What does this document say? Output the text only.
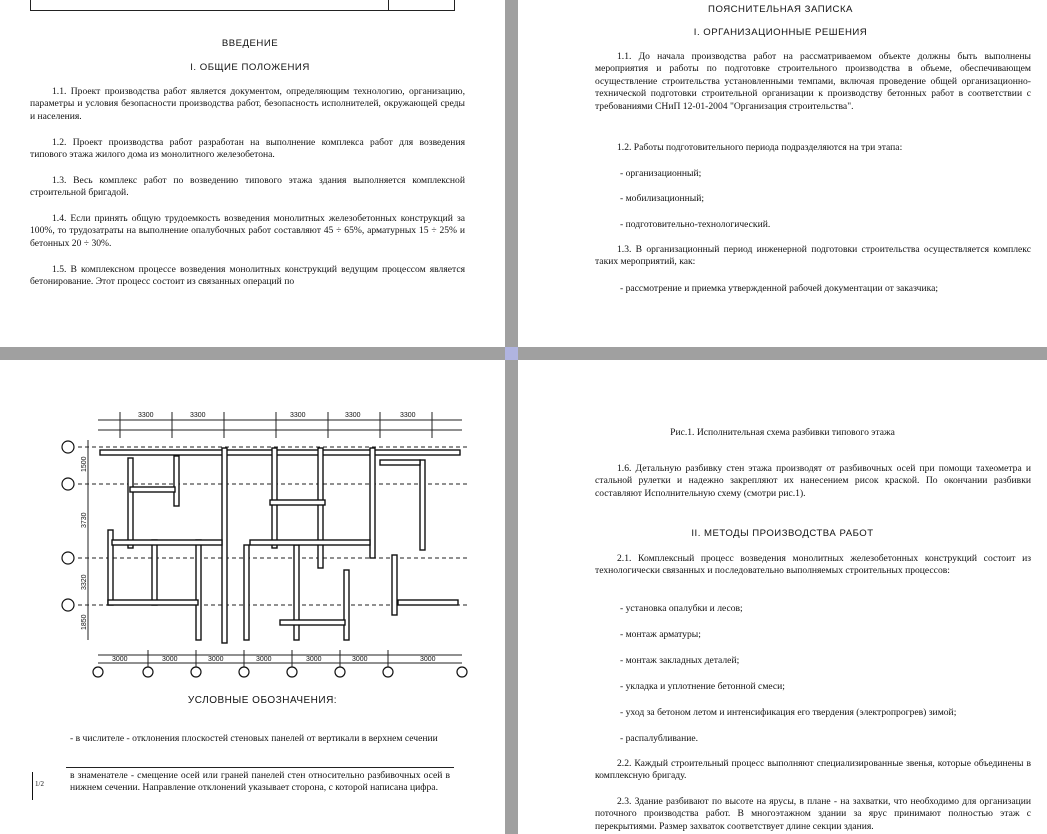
ВВЕДЕНИЕ
I. ОБЩИЕ ПОЛОЖЕНИЯ
1.1. Проект производства работ является документом, определяющим технологию, организацию, параметры и условия безопасности производства работ, безопасность исполнителей, окружающей среды и населения.
1.2. Проект производства работ разработан на выполнение комплекса работ для возведения типового этажа жилого дома из монолитного железобетона.
1.3. Весь комплекс работ по возведению типового этажа здания выполняется комплексной строительной бригадой.
1.4. Если принять общую трудоемкость возведения монолитных железобетонных конструкций за 100%, то трудозатраты на выполнение опалубочных работ составляют 45 ÷ 65%, арматурных 15 ÷ 25% и бетонных 20 ÷ 30%.
1.5. В комплексном процессе возведения монолитных конструкций ведущим процессом является бетонирование. Этот процесс состоит из связанных операций по
ПОЯСНИТЕЛЬНАЯ ЗАПИСКА
I. ОРГАНИЗАЦИОННЫЕ РЕШЕНИЯ
1.1. До начала производства работ на рассматриваемом объекте должны быть выполнены мероприятия и работы по подготовке строительного производства в объеме, обеспечивающем осуществление строительства установленными темпами, включая проведение общей организационно-технической подготовки строительной организации к производству бетонных работ в соответствии с требованиями СНиП 12-01-2004 "Организация строительства".
1.2. Работы подготовительного периода подразделяются на три этапа:
- организационный;
- мобилизационный;
- подготовительно-технологический.
1.3. В организационный период инженерной подготовки строительства осуществляется комплекс таких мероприятий, как:
- рассмотрение и приемка утвержденной рабочей документации от заказчика;
3300	3300	3300	3300	3300
3000	3000	3000	3000	3000	3000	3000
1500
3730
3320
1850
УСЛОВНЫЕ ОБОЗНАЧЕНИЯ:
- в числителе - отклонения плоскостей стеновых панелей от вертикали в верхнем сечении
1/2
в знаменателе - смещение осей или граней панелей стен относительно разбивочных осей в нижнем сечении. Направление отклонений указывает сторона, с которой написана цифра.
Рис.1. Исполнительная схема разбивки типового этажа
1.6. Детальную разбивку стен этажа производят от разбивочных осей при помощи тахеометра и стальной рулетки и надежно закрепляют их нанесением рисок краской. По окончании разбивки составляют Исполнительную схему (смотри рис.1).
II. МЕТОДЫ ПРОИЗВОДСТВА РАБОТ
2.1. Комплексный процесс возведения монолитных железобетонных конструкций состоит из технологически связанных и последовательно выполняемых строительных процессов:
- установка опалубки и лесов;
- монтаж арматуры;
- монтаж закладных деталей;
- укладка и уплотнение бетонной смеси;
- уход за бетоном летом и интенсификация его твердения (электропрогрев) зимой;
- распалубливание.
2.2. Каждый строительный процесс выполняют специализированные звенья, которые объединены в комплексную бригаду.
2.3. Здание разбивают по высоте на ярусы, в плане - на захватки, что необходимо для организации поточного производства работ. В многоэтажном здании за ярус принимают полностью этаж с перекрытиями. Размер захваток соответствует длине секции здания.
